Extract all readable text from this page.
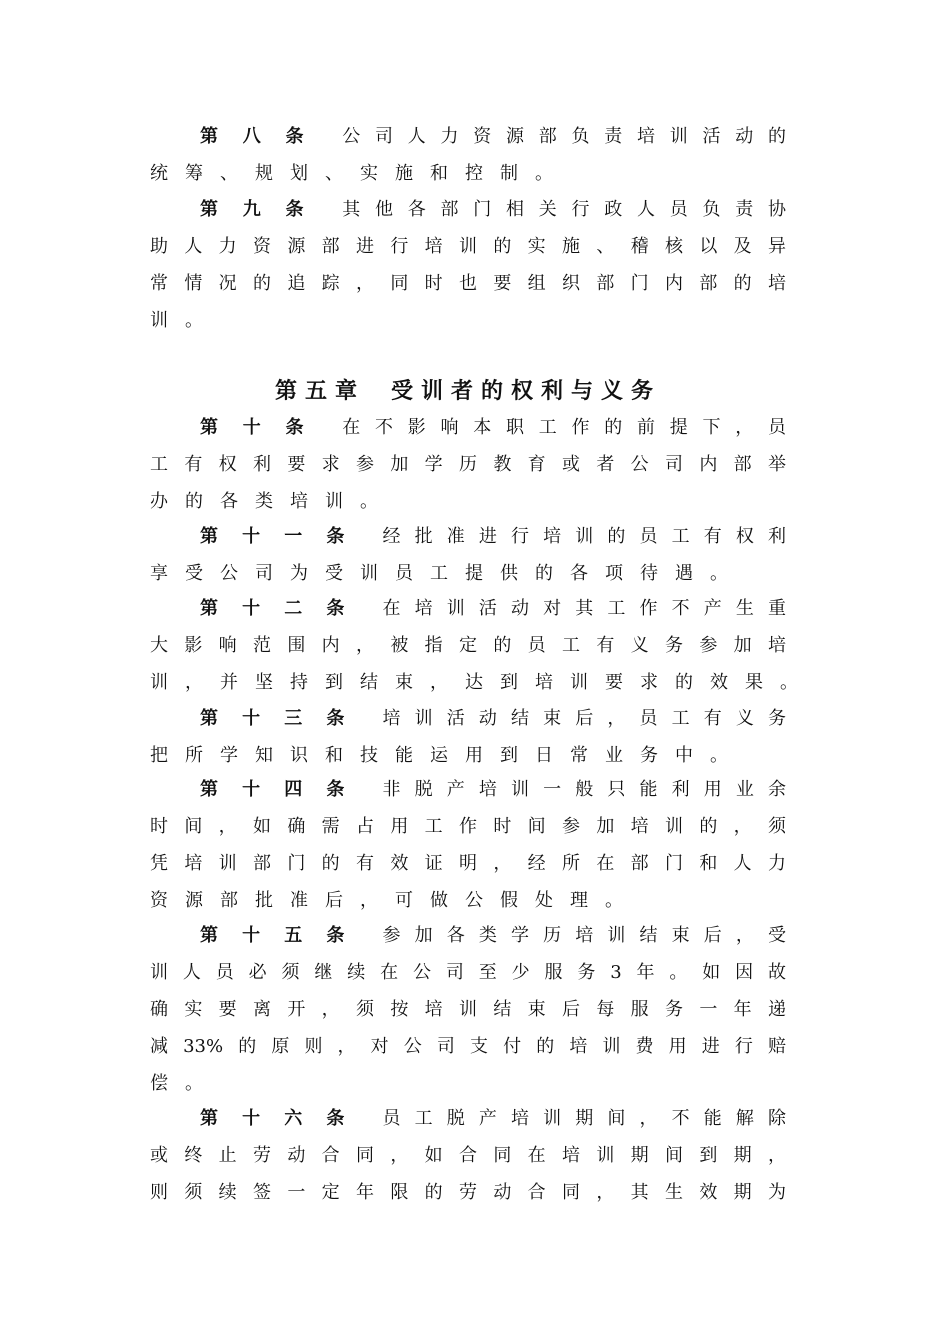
第八条 公司人力资源部负责培训活动的
统筹、规划、实施和控制。
第九条 其他各部门相关行政人员负责协
助人力资源部进行培训的实施、稽核以及异
常情况的追踪，同时也要组织部门内部的培
训。
第五章 受训者的权利与义务
第十条 在不影响本职工作的前提下，员
工有权利要求参加学历教育或者公司内部举
办的各类培训。
第十一条 经批准进行培训的员工有权利
享受公司为受训员工提供的各项待遇。
第十二条 在培训活动对其工作不产生重
大影响范围内，被指定的员工有义务参加培
训，并坚持到结束，达到培训要求的效果。
第十三条 培训活动结束后，员工有义务
把所学知识和技能运用到日常业务中。
第十四条 非脱产培训一般只能利用业余
时间，如确需占用工作时间参加培训的，须
凭培训部门的有效证明，经所在部门和人力
资源部批准后，可做公假处理。
第十五条 参加各类学历培训结束后，受
训人员必须继续在公司至少服务3年。如因故
确实要离开，须按培训结束后每服务一年递
减33%的原则，对公司支付的培训费用进行赔
偿。
第十六条 员工脱产培训期间，不能解除
或终止劳动合同，如合同在培训期间到期，
则须续签一定年限的劳动合同，其生效期为
